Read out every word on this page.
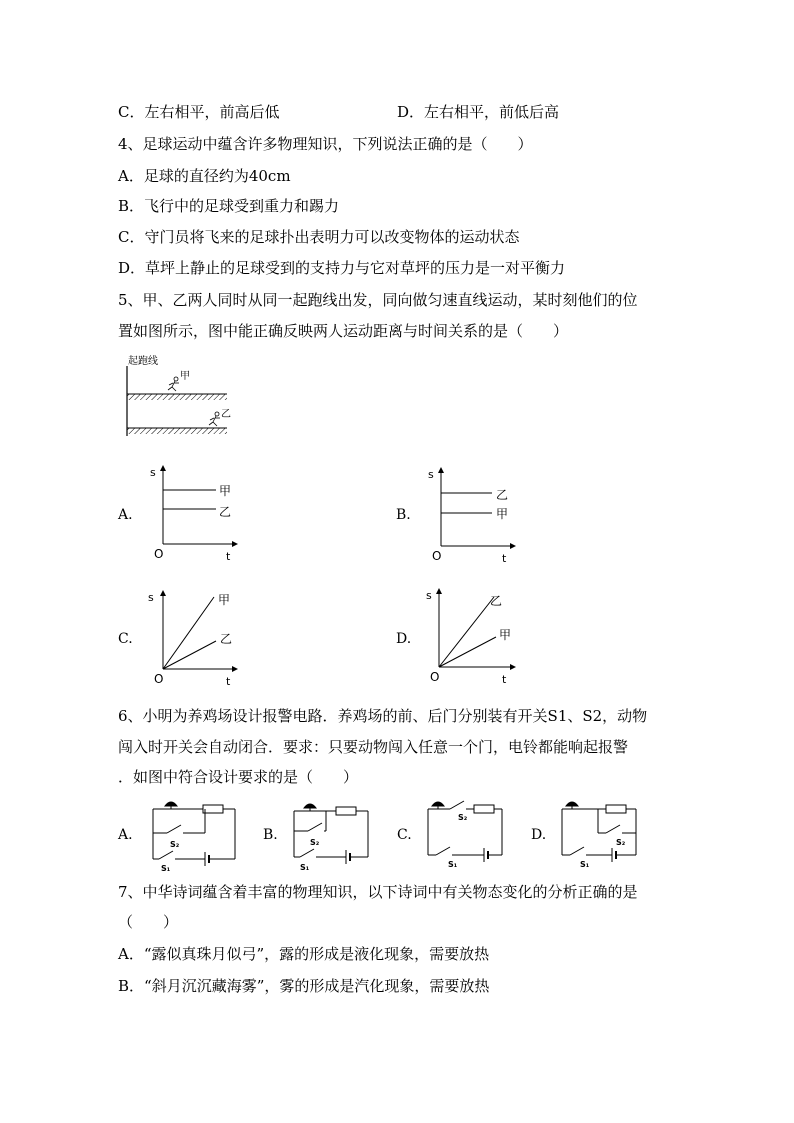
C．左右相平，前高后低	D．左右相平，前低后高
4、足球运动中蕴含许多物理知识，下列说法正确的是（　　）
A．足球的直径约为40cm
B．飞行中的足球受到重力和踢力
C．守门员将飞来的足球扑出表明力可以改变物体的运动状态
D．草坪上静止的足球受到的支持力与它对草坪的压力是一对平衡力
5、甲、乙两人同时从同一起跑线出发，同向做匀速直线运动，某时刻他们的位
置如图所示，图中能正确反映两人运动距离与时间关系的是（　　）
起跑线
甲
乙
A.
s
t
O
甲
乙	B.
s
t
O
乙
甲
C.
s
t
O
甲
乙	D.
s
t
O
乙
甲
6、小明为养鸡场设计报警电路．养鸡场的前、后门分别装有开关S1、S2，动物
闯入时开关会自动闭合．要求：只要动物闯入任意一个门，电铃都能响起报警
．如图中符合设计要求的是（　　）
A.
S₂
S₁
B.	S₂
S₁
C.
S₂
S₁
D.	S₂
S₁
7、中华诗词蕴含着丰富的物理知识，以下诗词中有关物态变化的分析正确的是
（　　）
A．“露似真珠月似弓”，露的形成是液化现象，需要放热
B．“斜月沉沉藏海雾”，雾的形成是汽化现象，需要放热
